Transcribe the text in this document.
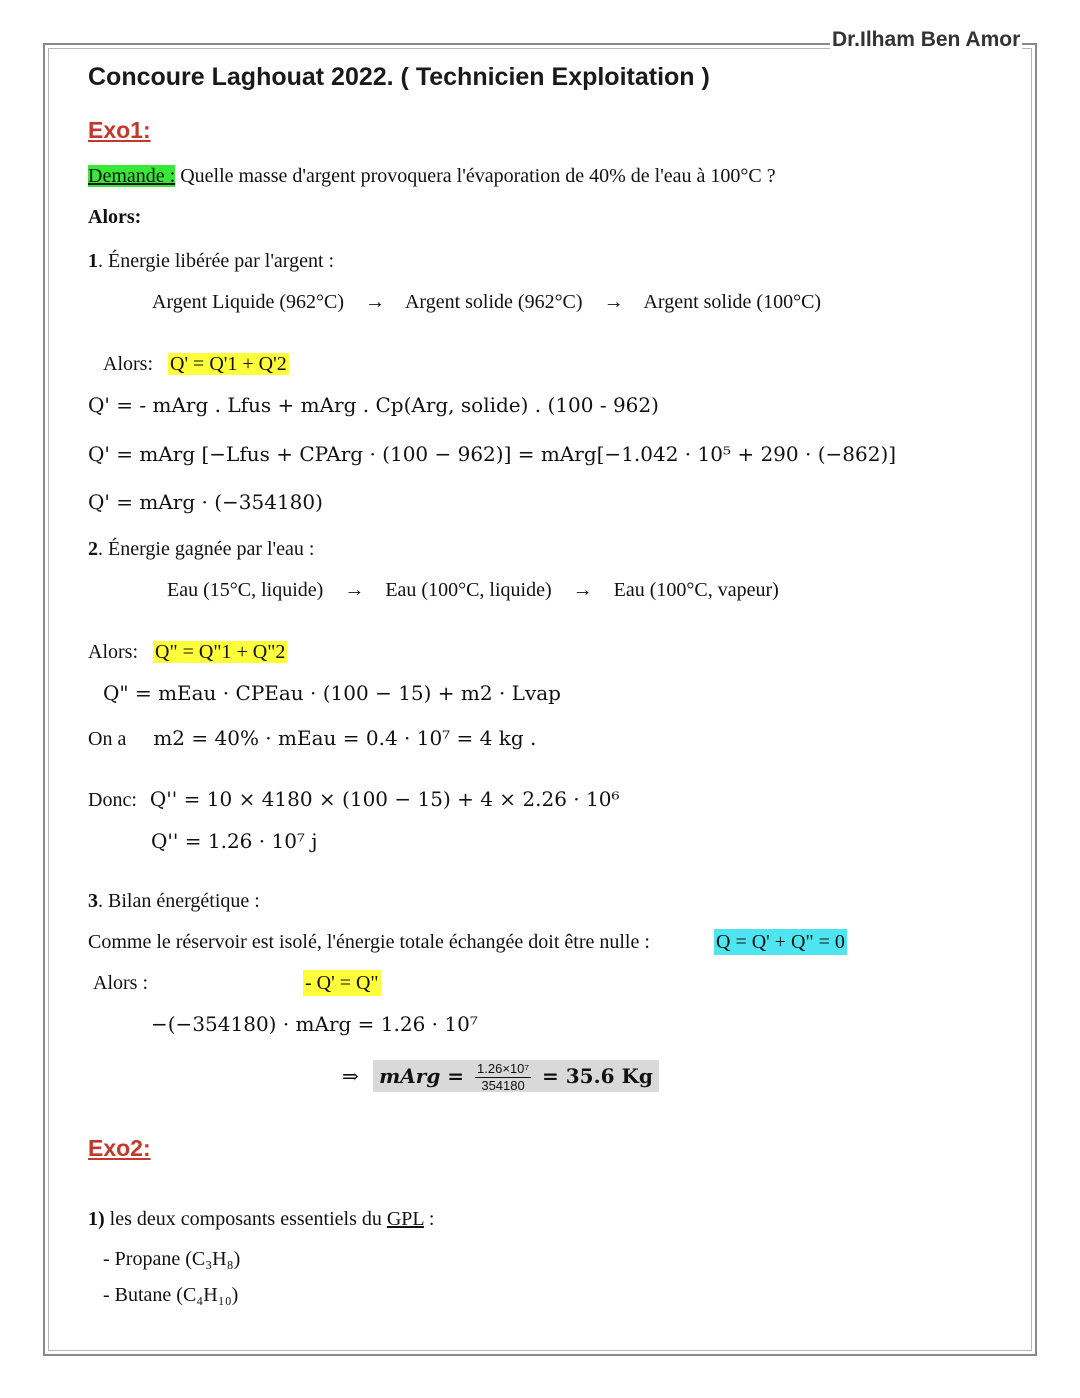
Dr.Ilham Ben Amor
Concoure Laghouat 2022. ( Technicien Exploitation )
Exo1:
Demande : Quelle masse d'argent provoquera l'évaporation de 40% de l'eau à 100°C ?
Alors:
1. Énergie libérée par l'argent :
Argent Liquide (962°C) → Argent solide (962°C) → Argent solide (100°C)
Alors: Q' = Q'1 + Q'2
Q' = - mArg . Lfus + mArg . Cp(Arg, solide) . (100 - 962)
Q' = mArg [−Lfus + CPArg · (100 − 962)] = mArg[−1.042 · 10⁵ + 290 · (−862)]
Q' = mArg · (−354180)
2. Énergie gagnée par l'eau :
Eau (15°C, liquide) → Eau (100°C, liquide) → Eau (100°C, vapeur)
Alors: Q" = Q"1 + Q"2
Q" = mEau · CPEau · (100 − 15) + m2 · Lvap
On a m2 = 40% · mEau = 0.4 · 10⁷ = 4 kg .
Donc: Q'' = 10 × 4180 × (100 − 15) + 4 × 2.26 · 10⁶
Q'' = 1.26 · 10⁷ j
3. Bilan énergétique :
Comme le réservoir est isolé, l'énergie totale échangée doit être nulle :	Q = Q' + Q" = 0
Alors :	- Q' = Q"
−(−354180) · mArg = 1.26 · 10⁷
⇒ mArg = $\frac{\text{1.26×10⁷}}{354180} = 35.6$ Kg
Exo2:
1) les deux composants essentiels du GPL :
- Propane (C₃H₈)
- Butane (C₄H₁₀)
